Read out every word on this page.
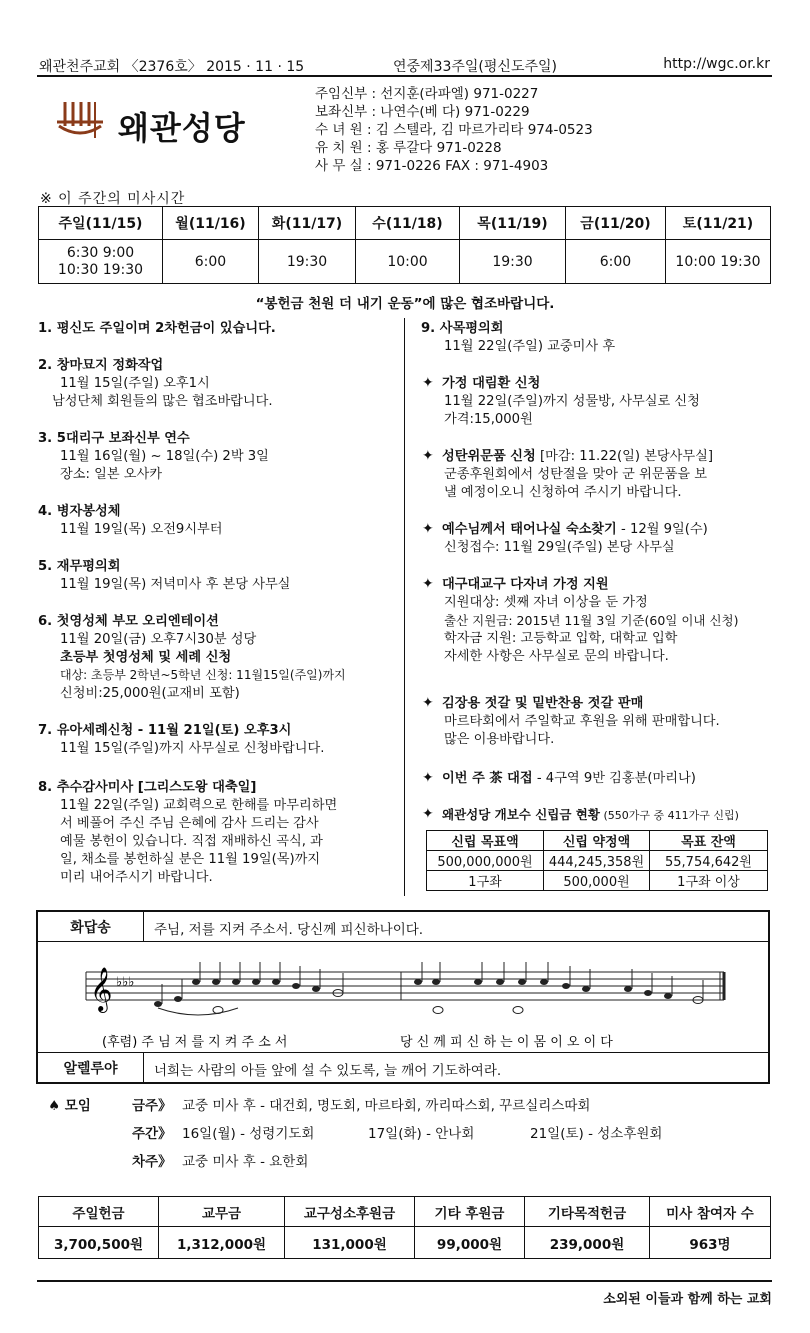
왜관천주교회 〈2376호〉 2015 · 11 · 15	연중제33주일(평신도주일)	http://wgc.or.kr
왜관성당
주임신부 : 선지훈(라파엘) 971-0227
보좌신부 : 나연수(베 다) 971-0229
수 녀 원 : 김 스텔라, 김 마르가리타 974-0523
유 치 원 : 홍 루갈다 971-0228
사 무 실 : 971-0226 FAX : 971-4903
※ 이 주간의 미사시간
주일(11/15)	월(11/16)	화(11/17)	수(11/18)	목(11/19)	금(11/20)	토(11/21)

6:30 9:00
10:30 19:30	6:00	19:30	10:00	19:30	6:00	10:00 19:30
“봉헌금 천원 더 내기 운동”에 많은 협조바랍니다.
1. 평신도 주일이며 2차헌금이 있습니다.
2. 창마묘지 정화작업
11월 15일(주일) 오후1시
남성단체 회원들의 많은 협조바랍니다.
3. 5대리구 보좌신부 연수
11월 16일(월) ~ 18일(수) 2박 3일
장소: 일본 오사카
4. 병자봉성체
11월 19일(목) 오전9시부터
5. 재무평의회
11월 19일(목) 저녁미사 후 본당 사무실
6. 첫영성체 부모 오리엔테이션
11월 20일(금) 오후7시30분 성당
초등부 첫영성체 및 세례 신청
대상: 초등부 2학년~5학년 신청: 11월15일(주일)까지
신청비:25,000원(교재비 포함)
7. 유아세례신청 - 11월 21일(토) 오후3시
11월 15일(주일)까지 사무실로 신청바랍니다.
8. 추수감사미사 [그리스도왕 대축일]
11월 22일(주일) 교회력으로 한해를 마무리하면
서 베풀어 주신 주님 은혜에 감사 드리는 감사
예물 봉헌이 있습니다. 직접 재배하신 곡식, 과
일, 채소를 봉헌하실 분은 11월 19일(목)까지
미리 내어주시기 바랍니다.
9. 사목평의회
11월 22일(주일) 교중미사 후
✦ 가정 대림환 신청
11월 22일(주일)까지 성물방, 사무실로 신청
가격:15,000원
✦ 성탄위문품 신청 [마감: 11.22(일) 본당사무실]
군종후원회에서 성탄절을 맞아 군 위문품을 보
낼 예정이오니 신청하여 주시기 바랍니다.
✦ 예수님께서 태어나실 숙소찾기 - 12월 9일(수)
신청접수: 11월 29일(주일) 본당 사무실
✦ 대구대교구 다자녀 가정 지원
지원대상: 셋째 자녀 이상을 둔 가정
출산 지원금: 2015년 11월 3일 기준(60일 이내 신청)
학자금 지원: 고등학교 입학, 대학교 입학
자세한 사항은 사무실로 문의 바랍니다.
✦ 김장용 젓갈 및 밑반찬용 젓갈 판매
마르타회에서 주일학교 후원을 위해 판매합니다.
많은 이용바랍니다.
✦ 이번 주 茶 대접 - 4구역 9반 김홍분(마리나)
✦ 왜관성당 개보수 신립금 현황 (550가구 중 411가구 신립)
신립 목표액	신립 약정액	목표 잔액
500,000,000원	444,245,358원	55,754,642원
1구좌	500,000원	1구좌 이상
화답송	주님, 저를 지켜 주소서. 당신께 피신하나이다.
𝄞 ♭♭♭
(후렴) 주 님 저 를 지 켜 주 소 서	당 신 께 피 신 하 는 이 몸 이 오 이 다
알렐루야	너희는 사람의 아들 앞에 설 수 있도록, 늘 깨어 기도하여라.
♠ 모임	금주》 교중 미사 후 - 대건회, 명도회, 마르타회, 까리따스회, 꾸르실리스따회
주간》 16일(월) - 성령기도회	17일(화) - 안나회	21일(토) - 성소후원회
차주》 교중 미사 후 - 요한회
주일헌금	교무금	교구성소후원금	기타 후원금	기타목적헌금	미사 참여자 수
3,700,500원	1,312,000원	131,000원	99,000원	239,000원	963명
소외된 이들과 함께 하는 교회
